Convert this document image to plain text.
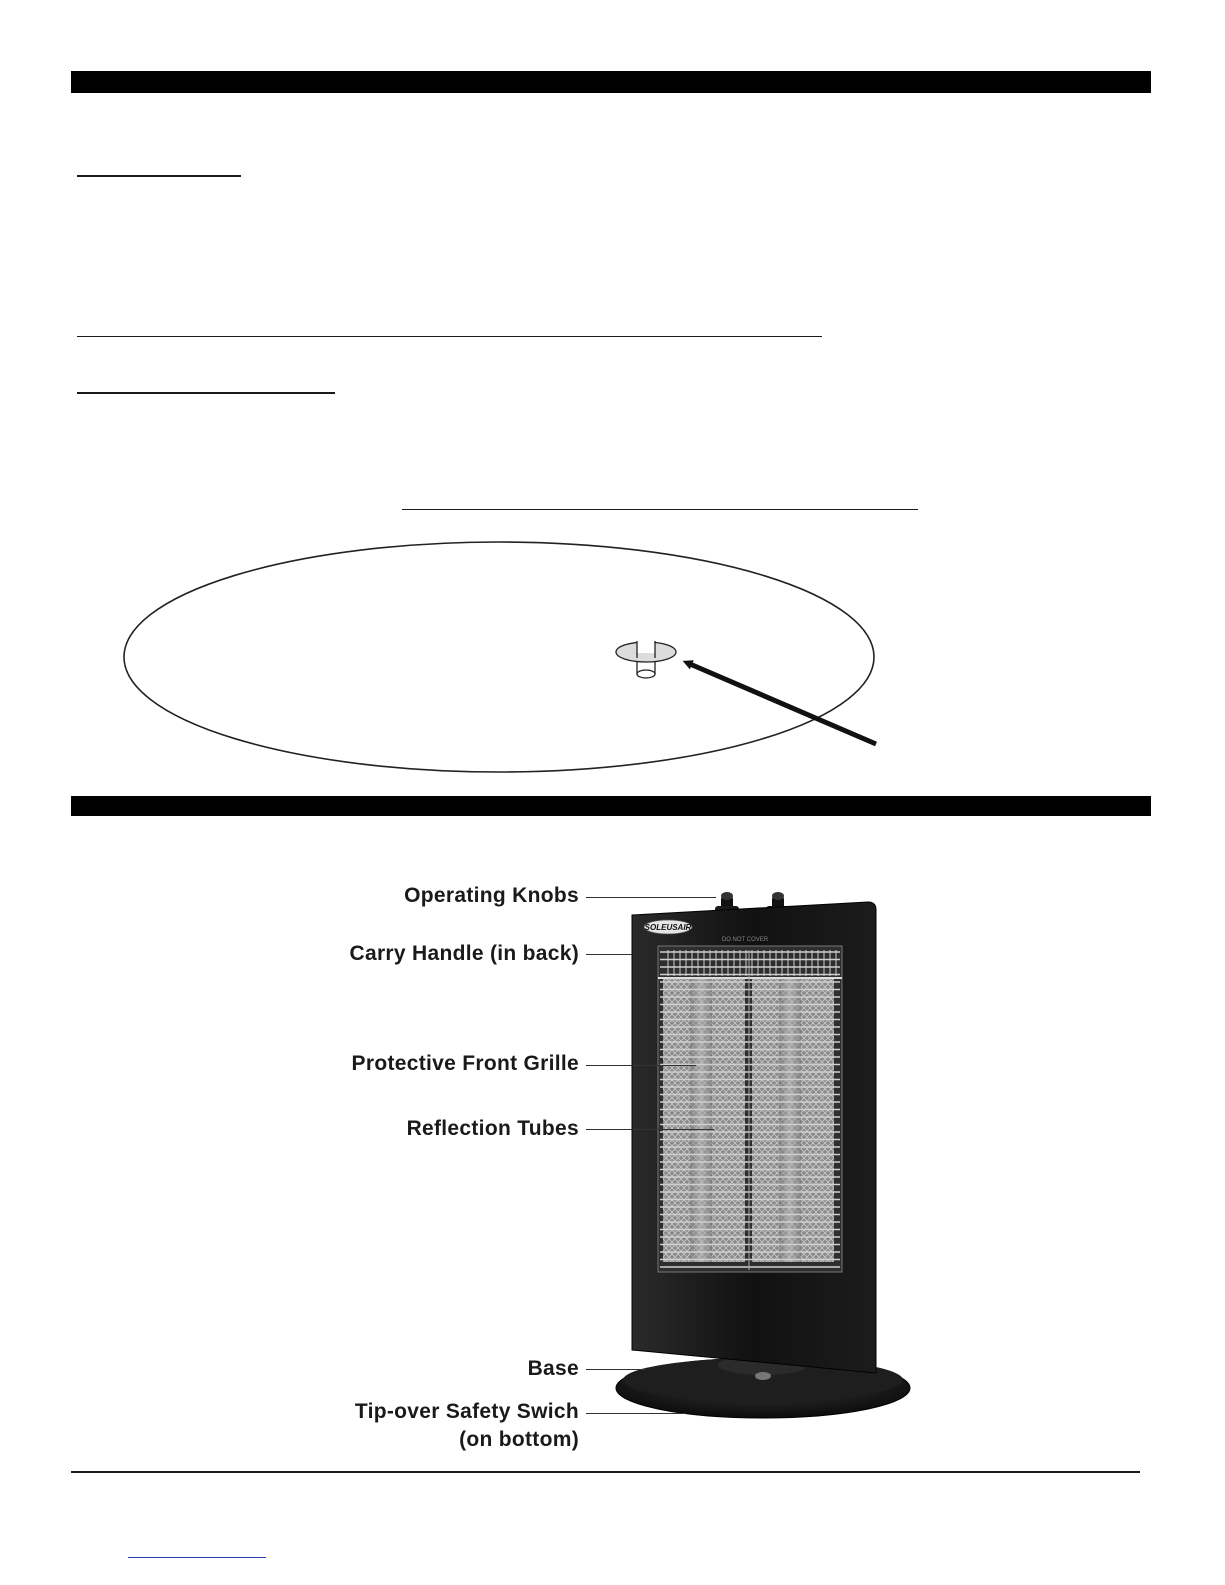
SOLEUSAIR
DO NOT COVER
Operating Knobs
Carry Handle (in back)
Protective Front Grille
Reflection Tubes
Base
Tip-over Safety Swich
(on bottom)
